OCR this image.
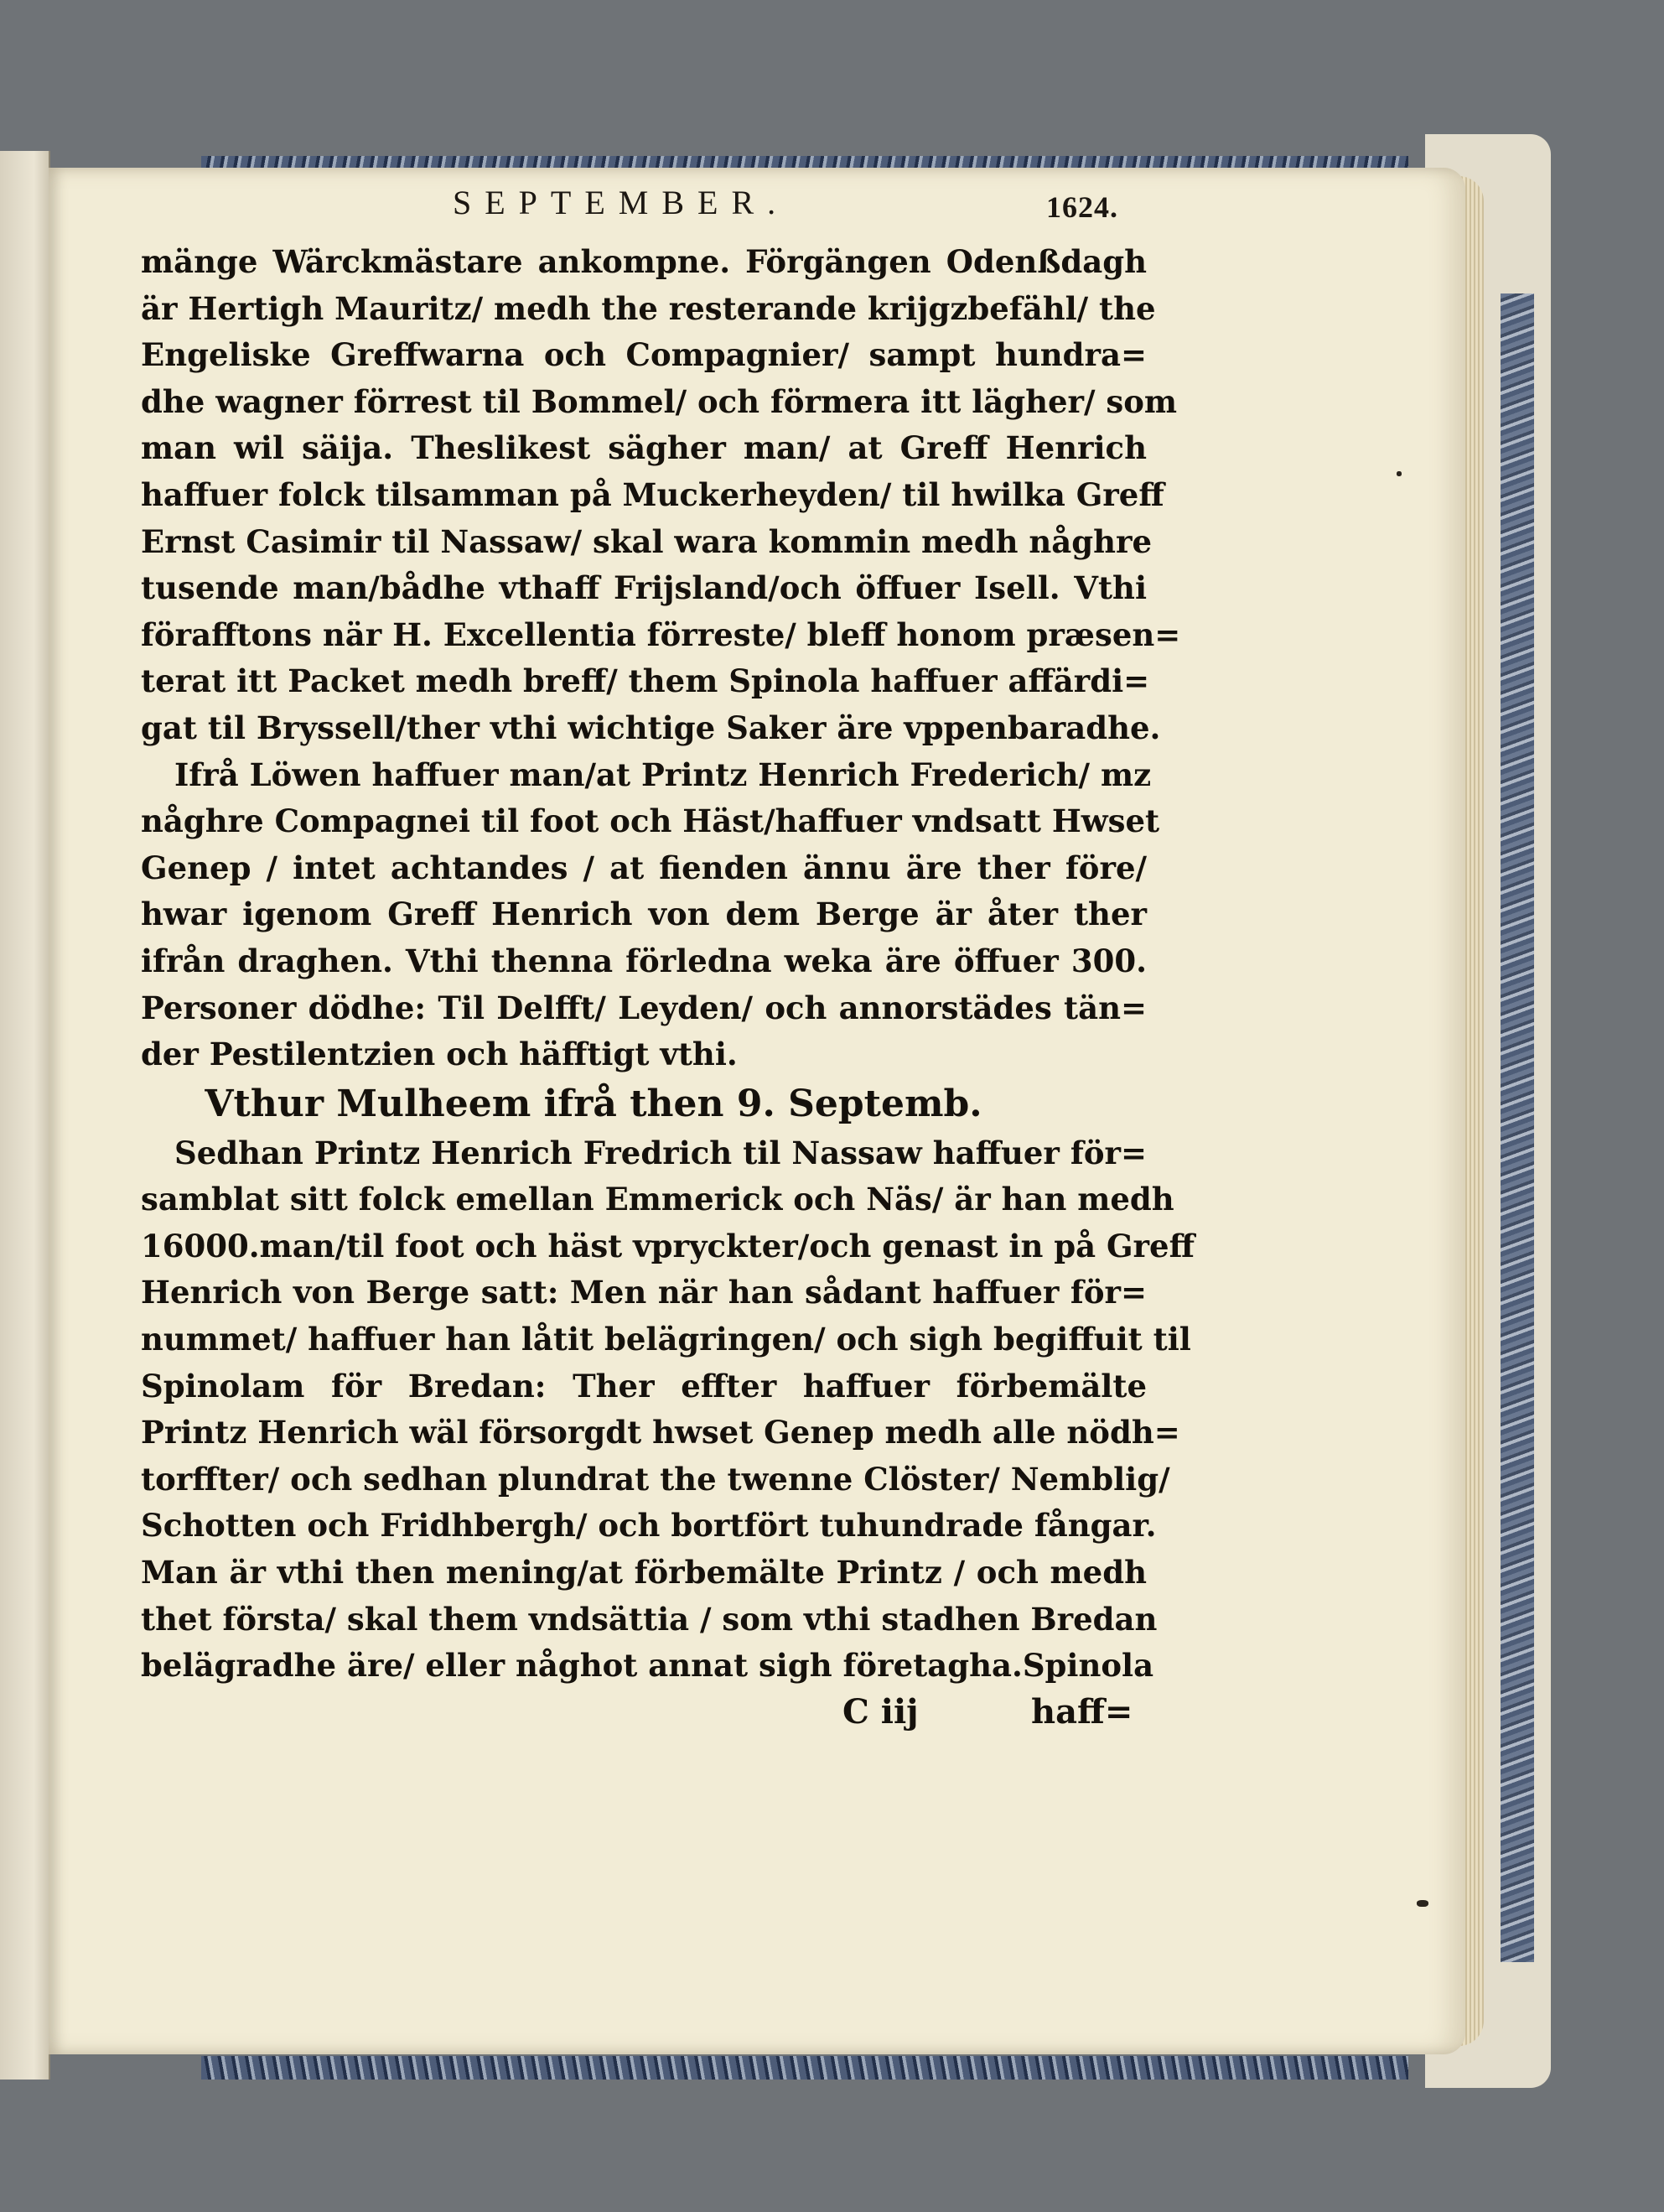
SEPTEMBER.	1624.
mänge Wärckmästare ankompne. Förgängen Odenßdagh
är Hertigh Mauritz/ medh the resterande krijgzbefähl/ the
Engeliske Greffwarna och Compagnier/ sampt hundra=
dhe wagner förrest til Bommel/ och förmera itt lägher/ som
man wil säija. Theslikest sägher man/ at Greff Henrich
haffuer folck tilsamman på Muckerheyden/ til hwilka Greff
Ernst Casimir til Nassaw/ skal wara kommin medh någhre
tusende man/bådhe vthaff Frijsland/och öffuer Isell. Vthi
förafftons när H. Excellentia förreste/ bleff honom præsen=
terat itt Packet medh breff/ them Spinola haffuer affärdi=
gat til Bryssell/ther vthi wichtige Saker äre vppenbaradhe.
Ifrå Löwen haffuer man/at Printz Henrich Frederich/ mz
någhre Compagnei til foot och Häst/haffuer vndsatt Hwset
Genep / intet achtandes / at fienden ännu äre ther före/
hwar igenom Greff Henrich von dem Berge är åter ther
ifrån draghen. Vthi thenna förledna weka äre öffuer 300.
Personer dödhe: Til Delfft/ Leyden/ och annorstädes tän=
der Pestilentzien och häfftigt vthi.
Vthur Mulheem ifrå then 9. Septemb.
Sedhan Printz Henrich Fredrich til Nassaw haffuer för=
samblat sitt folck emellan Emmerick och Näs/ är han medh
16000.man/til foot och häst vpryckter/och genast in på Greff
Henrich von Berge satt: Men när han sådant haffuer för=
nummet/ haffuer han låtit belägringen/ och sigh begiffuit til
Spinolam för Bredan: Ther effter haffuer förbemälte
Printz Henrich wäl försorgdt hwset Genep medh alle nödh=
torffter/ och sedhan plundrat the twenne Clöster/ Nemblig/
Schotten och Fridhbergh/ och bortfört tuhundrade fångar.
Man är vthi then mening/at förbemälte Printz / och medh
thet första/ skal them vndsättia / som vthi stadhen Bredan
belägradhe äre/ eller någhot annat sigh företagha.Spinola
C iij	haff=
